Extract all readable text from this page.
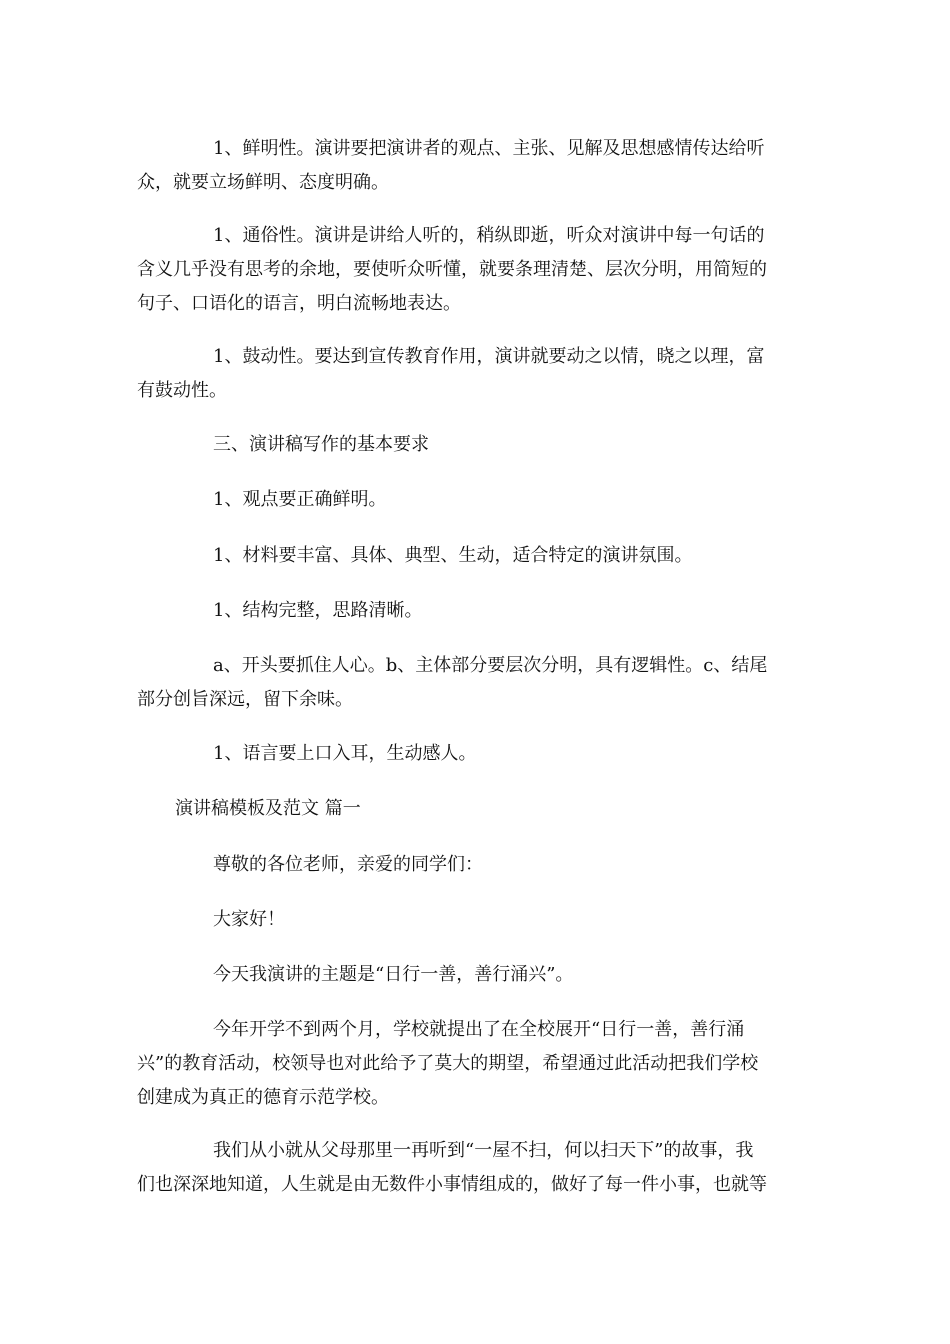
1、鲜明性。演讲要把演讲者的观点、主张、见解及思想感情传达给听
众，就要立场鲜明、态度明确。

1、通俗性。演讲是讲给人听的，稍纵即逝，听众对演讲中每一句话的
含义几乎没有思考的余地，要使听众听懂，就要条理清楚、层次分明，用简短的
句子、口语化的语言，明白流畅地表达。

1、鼓动性。要达到宣传教育作用，演讲就要动之以情，晓之以理，富
有鼓动性。

三、演讲稿写作的基本要求

1、观点要正确鲜明。

1、材料要丰富、具体、典型、生动，适合特定的演讲氛围。

1、结构完整，思路清晰。

a、开头要抓住人心。b、主体部分要层次分明，具有逻辑性。c、结尾
部分创旨深远，留下余味。

1、语言要上口入耳，生动感人。

演讲稿模板及范文 篇一

尊敬的各位老师，亲爱的同学们：

大家好！

今天我演讲的主题是“日行一善，善行涌兴”。

今年开学不到两个月，学校就提出了在全校展开“日行一善，善行涌
兴”的教育活动，校领导也对此给予了莫大的期望，希望通过此活动把我们学校
创建成为真正的德育示范学校。

我们从小就从父母那里一再听到“一屋不扫，何以扫天下”的故事，我
们也深深地知道，人生就是由无数件小事情组成的，做好了每一件小事，也就等
